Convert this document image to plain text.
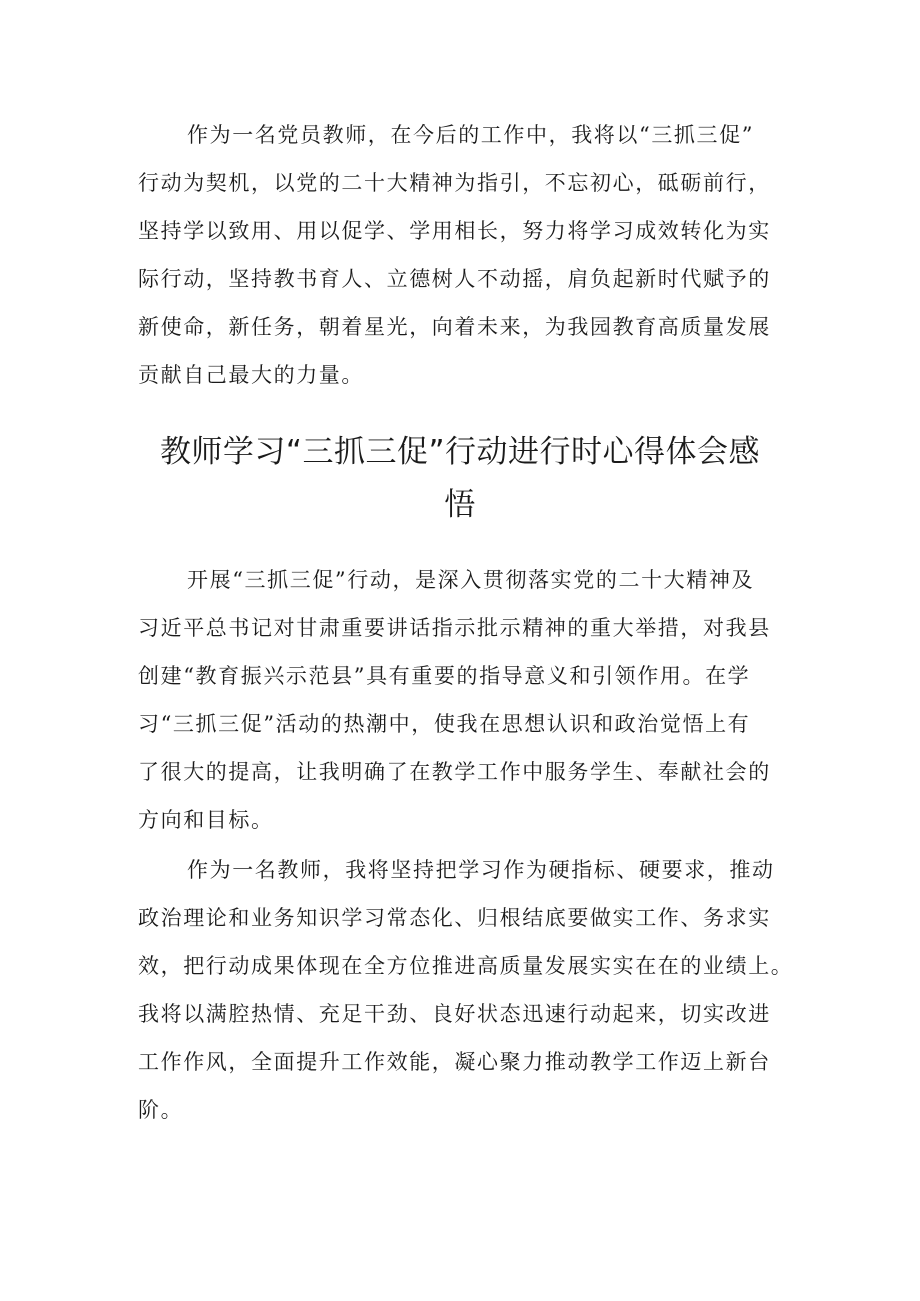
作为一名党员教师，在今后的工作中，我将以“三抓三促”
行动为契机，以党的二十大精神为指引，不忘初心，砥砺前行，
坚持学以致用、用以促学、学用相长，努力将学习成效转化为实
际行动，坚持教书育人、立德树人不动摇，肩负起新时代赋予的
新使命，新任务，朝着星光，向着未来，为我园教育高质量发展
贡献自己最大的力量。
教师学习“三抓三促”行动进行时心得体会感
悟
开展“三抓三促”行动，是深入贯彻落实党的二十大精神及
习近平总书记对甘肃重要讲话指示批示精神的重大举措，对我县
创建“教育振兴示范县”具有重要的指导意义和引领作用。在学
习“三抓三促”活动的热潮中，使我在思想认识和政治觉悟上有
了很大的提高，让我明确了在教学工作中服务学生、奉献社会的
方向和目标。
作为一名教师，我将坚持把学习作为硬指标、硬要求，推动
政治理论和业务知识学习常态化、归根结底要做实工作、务求实
效，把行动成果体现在全方位推进高质量发展实实在在的业绩上。
我将以满腔热情、充足干劲、良好状态迅速行动起来，切实改进
工作作风，全面提升工作效能，凝心聚力推动教学工作迈上新台
阶。
